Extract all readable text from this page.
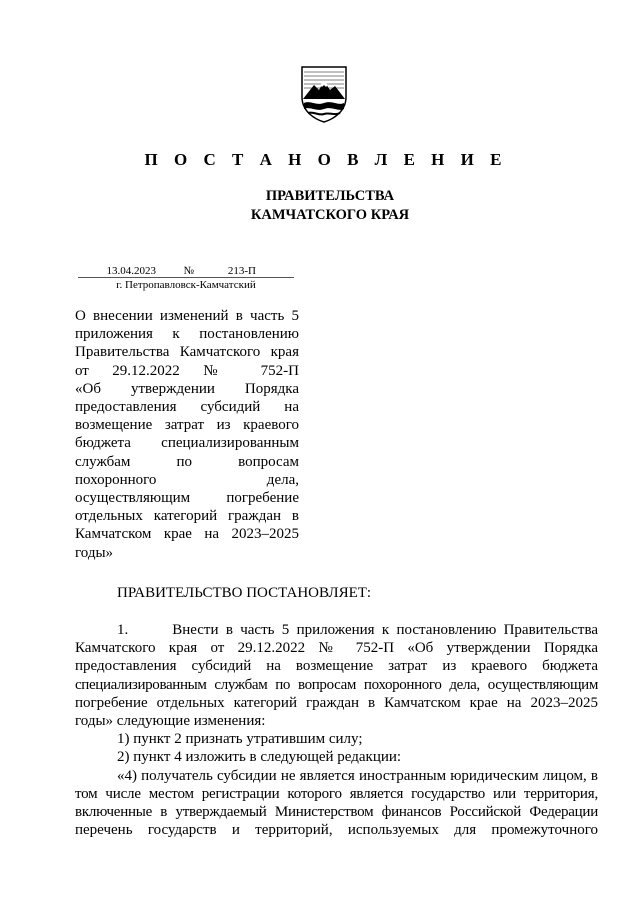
П О С Т А Н О В Л Е Н И Е
ПРАВИТЕЛЬСТВА
КАМЧАТСКОГО КРАЯ
13.04.2023	№	213-П
г. Петропавловск-Камчатский
О внесении изменений в часть 5
приложения к постановлению
Правительства Камчатского края
от 29.12.2022 № 752-П
«Об утверждении Порядка
предоставления субсидий на
возмещение затрат из краевого
бюджета специализированным
службам по вопросам
похоронного дела,
осуществляющим погребение
отдельных категорий граждан в
Камчатском крае на 2023–2025
годы»
ПРАВИТЕЛЬСТВО ПОСТАНОВЛЯЕТ:
1.      Внести в часть 5 приложения к постановлению Правительства
Камчатского края от 29.12.2022 № 752-П «Об утверждении Порядка
предоставления субсидий на возмещение затрат из краевого бюджета
специализированным службам по вопросам похоронного дела, осуществляющим
погребение отдельных категорий граждан в Камчатском крае на 2023–2025
годы» следующие изменения:
1) пункт 2 признать утратившим силу;
2) пункт 4 изложить в следующей редакции:
«4) получатель субсидии не является иностранным юридическим лицом, в
том числе местом регистрации которого является государство или территория,
включенные в утверждаемый Министерством финансов Российской Федерации
перечень государств и территорий, используемых для промежуточного
